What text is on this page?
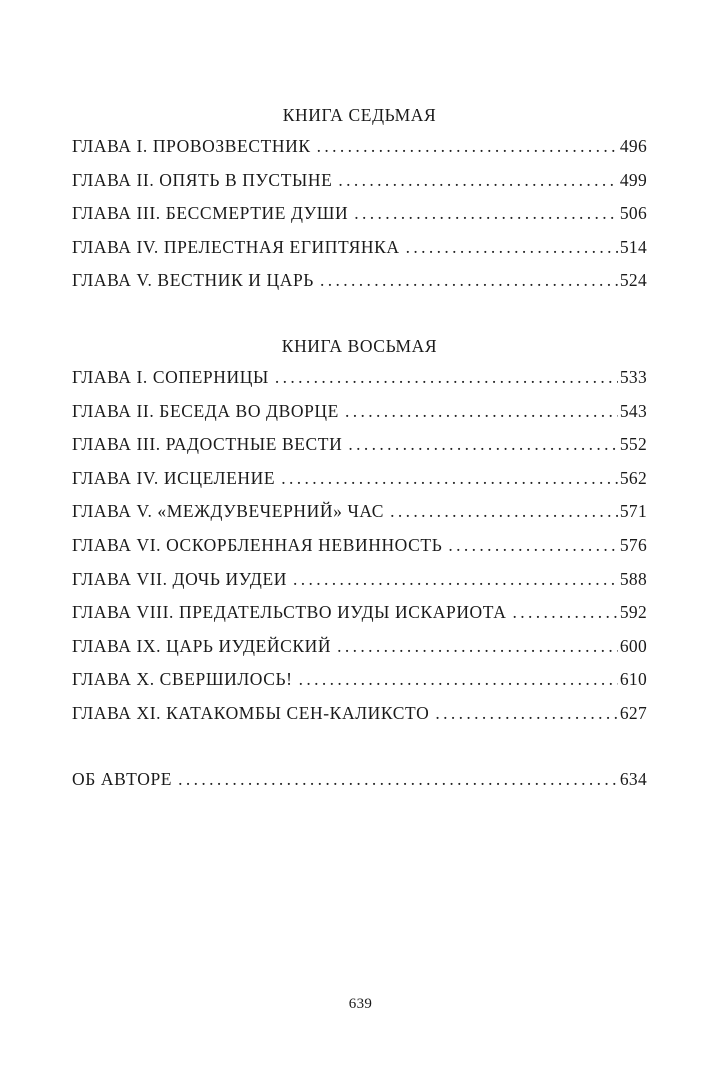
КНИГА СЕДЬМАЯ
ГЛАВА I. ПРОВОЗВЕСТНИК . . .	496
ГЛАВА II. ОПЯТЬ В ПУСТЫНЕ . . .	499
ГЛАВА III. БЕССМЕРТИЕ ДУШИ . . .	506
ГЛАВА IV. ПРЕЛЕСТНАЯ ЕГИПТЯНКА . . .	514
ГЛАВА V. ВЕСТНИК И ЦАРЬ . . .	524
КНИГА ВОСЬМАЯ
ГЛАВА I. СОПЕРНИЦЫ . . .	533
ГЛАВА II. БЕСЕДА ВО ДВОРЦЕ . . .	543
ГЛАВА III. РАДОСТНЫЕ ВЕСТИ . . .	552
ГЛАВА IV. ИСЦЕЛЕНИЕ . . .	562
ГЛАВА V. «МЕЖДУВЕЧЕРНИЙ» ЧАС . . .	571
ГЛАВА VI. ОСКОРБЛЕННАЯ НЕВИННОСТЬ . . .	576
ГЛАВА VII. ДОЧЬ ИУДЕИ . . .	588
ГЛАВА VIII. ПРЕДАТЕЛЬСТВО ИУДЫ ИСКАРИОТА . . .	592
ГЛАВА IX. ЦАРЬ ИУДЕЙСКИЙ . . .	600
ГЛАВА X. СВЕРШИЛОСЬ! . . .	610
ГЛАВА XI. КАТАКОМБЫ СЕН-КАЛИКСТО . . .	627
ОБ АВТОРЕ . . .	634
639
